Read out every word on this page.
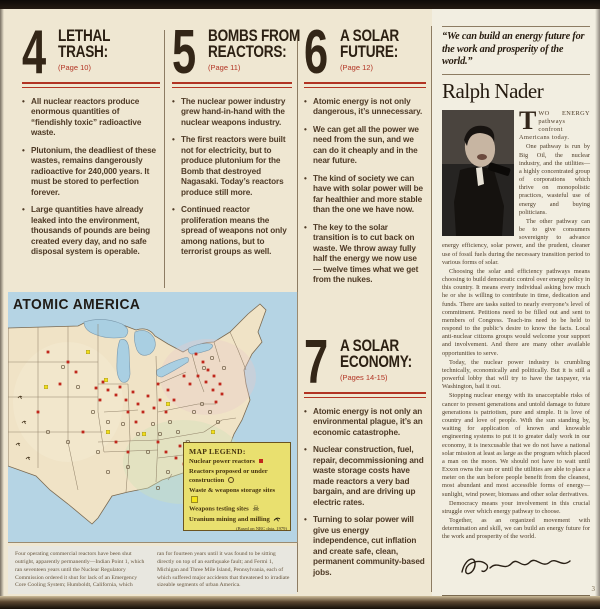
4 LETHAL
TRASH:
(Page 10)
• All nuclear reactors produce enormous quantities of “fiendishly toxic” radioactive waste.
• Plutonium, the deadliest of these wastes, remains dangerously radioactive for 240,000 years. It must be stored to perfection forever.
• Large quantities have already leaked into the environment, thousands of pounds are being created every day, and no safe disposal system is operable.
5 BOMBS FROM
REACTORS:
(Page 11)
• The nuclear power industry grew hand-in-hand with the nuclear weapons industry.
• The first reactors were built not for electricity, but to produce plutonium for the Bomb that destroyed Nagasaki. Today’s reactors produce still more.
• Continued reactor proliferation means the spread of weapons not only among nations, but to terrorist groups as well.
6 A SOLAR
FUTURE:
(Page 12)
• Atomic energy is not only dangerous, it’s unnecessary.
• We can get all the power we need from the sun, and we can do it cheaply and in the near future.
• The kind of society we can have with solar power will be far healthier and more stable than the one we have now.
• The key to the solar transition is to cut back on waste. We throw away fully half the energy we now use — twelve times what we get from the nukes.
7 A SOLAR
ECONOMY:
(Pages 14-15)
• Atomic energy is not only an environmental plague, it’s an economic catastrophe.
• Nuclear construction, fuel, repair, decommissioning and waste storage costs have made reactors a very bad bargain, and are driving up electric rates.
• Turning to solar power will give us energy independence, cut inflation and create safe, clean, permanent community-based jobs.
ATOMIC AMERICA
MAP LEGEND:
Nuclear power reactors
Reactors proposed or under construction
Waste & weapons storage sites
Weapons testing sites ☠
Uranium mining and milling
(Based on NRC data, 1979)

Four operating commercial reactors have been shut outright, apparently permanently—Indian Point 1, which ran seventeen years until the Nuclear Regulatory Commission ordered it shut for lack of an Emergency Core Cooling System; Humboldt, California, which

ran for fourteen years until it was found to be sitting directly on top of an earthquake fault; and Fermi 1, Michigan and Three Mile Island, Pennsylvania, each of which suffered major accidents that threatened to irradiate sizeable segments of urban America.

“We can build an energy future for the work and prosperity of the world.”
Ralph Nader

TWO ENERGY pathways confront Americans today.

One pathway is run by Big Oil, the nuclear industry, and the utilities—a highly concentrated group of corporations which thrive on monopolistic practices, wasteful use of energy and buying politicians.

The other pathway can be to give consumers sovereignty to advance energy efficiency, solar power, and the prudent, cleaner use of fossil fuels during the necessary transition period to various forms of solar.

Choosing the solar and efficiency pathways means choosing to build democratic control over energy policy in this country. It means every individual asking how much he or she is willing to contribute in time, dedication and funds. There are tasks suited to nearly everyone’s level of commitment. Petitions need to be filled out and sent to members of Congress. Teach-ins need to be held to respond to the public’s desire to know the facts. Local anti-nuclear citizens groups would welcome your support and involvement. And there are many other available opportunities to serve.

Today, the nuclear power industry is crumbling technically, economically and politically. But it is still a powerful lobby that will try to have the taxpayer, via Washington, bail it out.

Stopping nuclear energy with its unacceptable risks of cancer to present generations and untold damage to future generations is patriotism, pure and simple. It is love of country and love of people. With the sun standing by, waiting for application of known and knowable engineering systems to put it to greater daily work in our economy, it is inexcusable that we do not have a national solar mission at least as large as the program which placed a man on the moon. We should not have to wait until Exxon owns the sun or until the utilities are able to place a meter on the sun before people benefit from the cleanest, most abundant and most accessible forms of energy—sunlight, wind power, biomass and other solar derivatives.

Democracy means your involvement in this crucial struggle over which energy pathway to choose.

Together, as an organized movement with determination and skill, we can build an energy future for the work and prosperity of the world.

3
